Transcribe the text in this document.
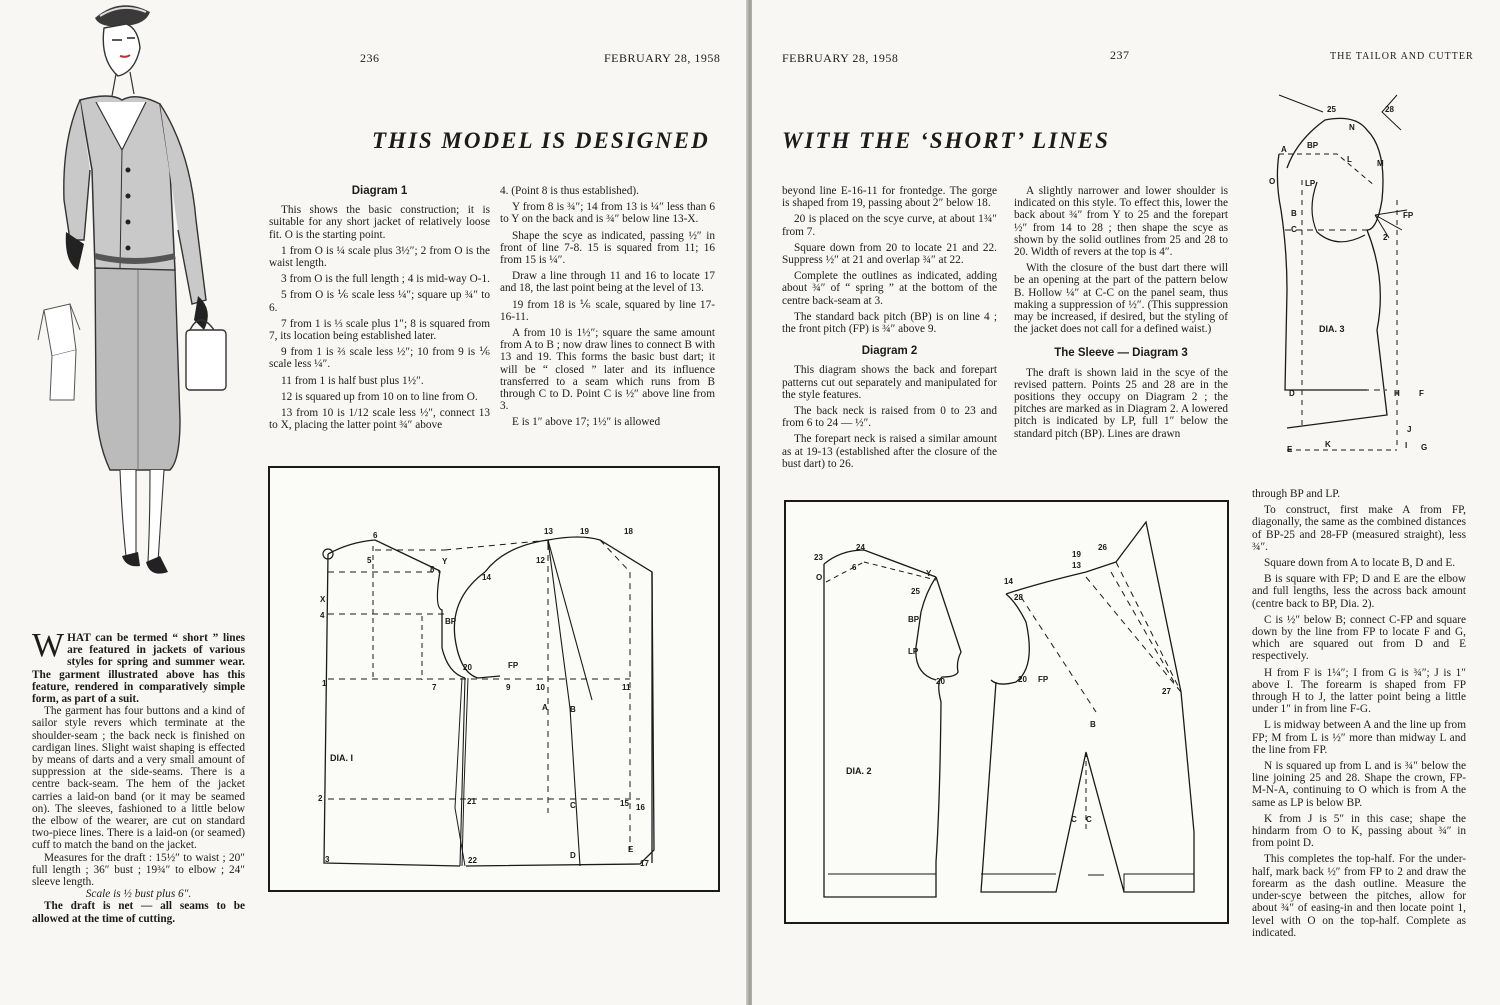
236	FEBRUARY 28, 1958
THIS MODEL IS DESIGNED
Diagram 1

This shows the basic construction; it is suitable for any short jacket of relatively loose fit. O is the starting point.

1 from O is ¼ scale plus 3½″; 2 from O is the waist length.

3 from O is the full length ; 4 is mid-way O-1.

5 from O is ⅙ scale less ¼″; square up ¾″ to 6.

7 from 1 is ⅓ scale plus 1″; 8 is squared from 7, its location being established later.

9 from 1 is ⅔ scale less ½″; 10 from 9 is ⅙ scale less ¼″.

11 from 1 is half bust plus 1½″.

12 is squared up from 10 on to line from O.

13 from 10 is 1/12 scale less ½″, connect 13 to X, placing the latter point ¾″ above

4. (Point 8 is thus established).

Y from 8 is ¾″; 14 from 13 is ¼″ less than 6 to Y on the back and is ¾″ below line 13-X.

Shape the scye as indicated, passing ½″ in front of line 7-8. 15 is squared from 11; 16 from 15 is ¼″.

Draw a line through 11 and 16 to locate 17 and 18, the last point being at the level of 13.

19 from 18 is ⅙ scale, squared by line 17-16-11.

A from 10 is 1½″; square the same amount from A to B ; now draw lines to connect B with 13 and 19. This forms the basic bust dart; it will be “ closed ” later and its influence transferred to a seam which runs from B through C to D. Point C is ½″ above line from 3.

E is 1″ above 17; 1½″ is allowed

WHAT can be termed “ short ” lines are featured in jackets of various styles for spring and summer wear. The garment illustrated above has this feature, rendered in comparatively simple form, as part of a suit.

The garment has four buttons and a kind of sailor style revers which terminate at the shoulder-seam ; the back neck is finished on cardigan lines. Slight waist shaping is effected by means of darts and a very small amount of suppression at the side-seams. There is a centre back-seam. The hem of the jacket carries a laid-on band (or it may be seamed on). The sleeves, fashioned to a little below the elbow of the wearer, are cut on standard two-piece lines. There is a laid-on (or seamed) cuff to match the band on the jacket.

Measures for the draft : 15½″ to waist ; 20″ full length ; 36″ bust ; 19¾″ to elbow ; 24″ sleeve length.

Scale is ½ bust plus 6″.

The draft is net — all seams to be allowed at the time of cutting.

6
5	Y
8
X
4
BP
14
13	19	18
12
20	FP
1	7	9	10	11
A	B
2	21	C	15 16
3	22
D
E
17
DIA. I
FEBRUARY 28, 1958	237	THE TAILOR AND CUTTER
WITH THE ‘SHORT’ LINES

beyond line E-16-11 for frontedge. The gorge is shaped from 19, passing about 2″ below 18.

20 is placed on the scye curve, at about 1¾″ from 7.

Square down from 20 to locate 21 and 22. Suppress ½″ at 21 and overlap ¾″ at 22.

Complete the outlines as indicated, adding about ¾″ of “ spring ” at the bottom of the centre back-seam at 3.

The standard back pitch (BP) is on line 4 ; the front pitch (FP) is ¾″ above 9.

Diagram 2

This diagram shows the back and forepart patterns cut out separately and manipulated for the style features.

The back neck is raised from 0 to 23 and from 6 to 24 — ½″.

The forepart neck is raised a similar amount as at 19-13 (established after the closure of the bust dart) to 26.

A slightly narrower and lower shoulder is indicated on this style. To effect this, lower the back about ¾″ from Y to 25 and the forepart ½″ from 14 to 28 ; then shape the scye as shown by the solid outlines from 25 and 28 to 20. Width of revers at the top is 4″.

With the closure of the bust dart there will be an opening at the part of the pattern below B. Hollow ¼″ at C-C on the panel seam, thus making a suppression of ½″. (This suppression may be increased, if desired, but the styling of the jacket does not call for a defined waist.)

The Sleeve — Diagram 3

The draft is shown laid in the scye of the revised pattern. Points 25 and 28 are in the positions they occupy on Diagram 2 ; the pitches are marked as in Diagram 2. A lowered pitch is indicated by LP, full 1″ below the standard pitch (BP). Lines are drawn

through BP and LP.

To construct, first make A from FP, diagonally, the same as the combined distances of BP-25 and 28-FP (measured straight), less ¾″.

Square down from A to locate B, D and E.

B is square with FP; D and E are the elbow and full lengths, less the across back amount (centre back to BP, Dia. 2).

C is ½″ below B; connect C-FP and square down by the line from FP to locate F and G, which are squared out from D and E respectively.

H from F is 1¼″; I from G is ¾″; J is 1″ above I. The forearm is shaped from FP through H to J, the latter point being a little under 1″ in from line F-G.

L is midway between A and the line up from FP; M from L is ½″ more than midway L and the line from FP.

N is squared up from L and is ¾″ below the line joining 25 and 28. Shape the crown, FP-M-N-A, continuing to O which is from A the same as LP is below BP.

K from J is 5″ in this case; shape the hindarm from O to K, passing about ¾″ in from point D.

This completes the top-half. For the under-half, mark back ½″ from FP to 2 and draw the forearm as the dash outline. Measure the under-scye between the pitches, allow for about ¾″ of easing-in and then locate point 1, level with O on the top-half. Complete as indicated.

23
24
O
6
Y
25
BP
LP
20
14
28
19
26
13
20 FP
27
B
C C
DIA. 2
25	28
N
A	BP
L	M
O	LP
FP
B
C
2
D	H F
E
K
J
I G
DIA. 3
